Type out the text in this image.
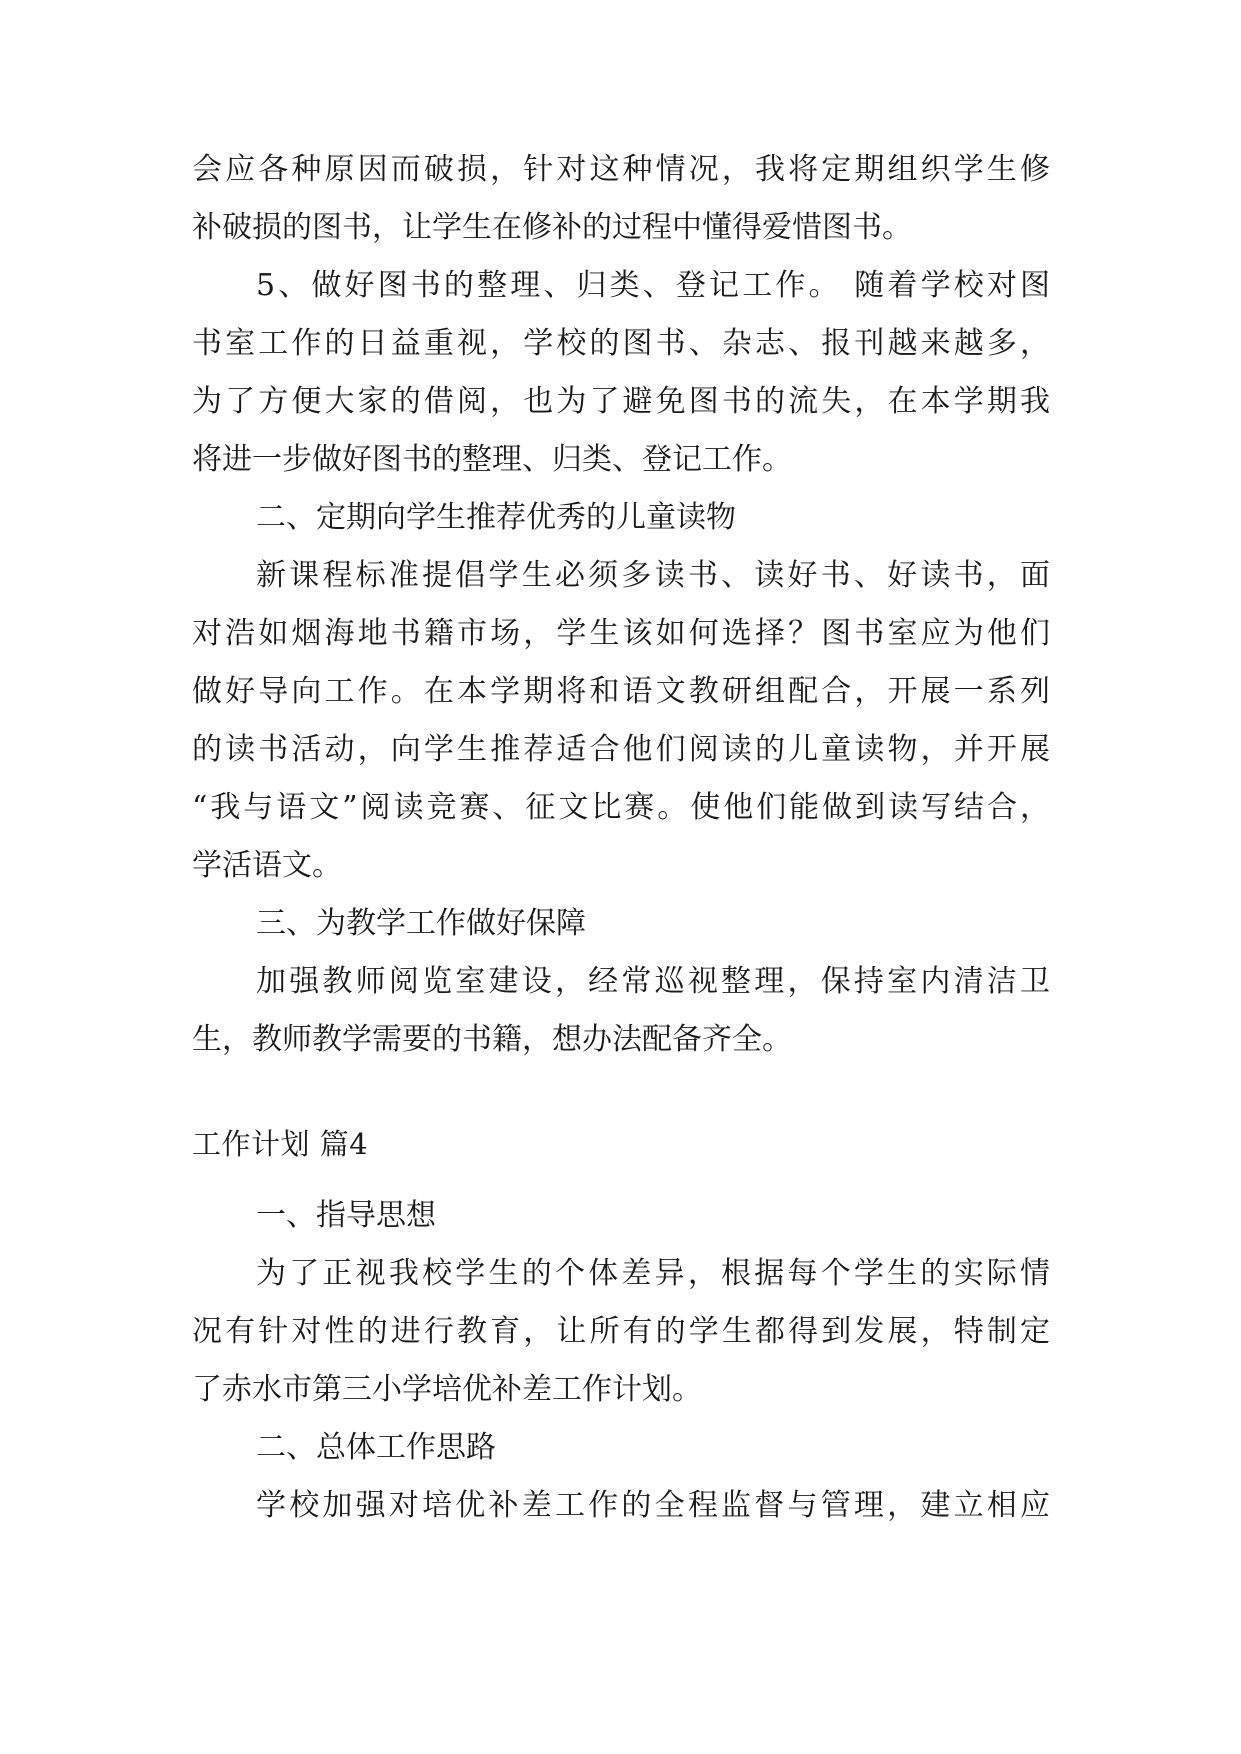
会应各种原因而破损，针对这种情况，我将定期组织学生修
补破损的图书，让学生在修补的过程中懂得爱惜图书。
5、做好图书的整理、归类、登记工作。 随着学校对图
书室工作的日益重视，学校的图书、杂志、报刊越来越多，
为了方便大家的借阅，也为了避免图书的流失，在本学期我
将进一步做好图书的整理、归类、登记工作。
二、定期向学生推荐优秀的儿童读物
新课程标准提倡学生必须多读书、读好书、好读书，面
对浩如烟海地书籍市场，学生该如何选择？图书室应为他们
做好导向工作。在本学期将和语文教研组配合，开展一系列
的读书活动，向学生推荐适合他们阅读的儿童读物，并开展
“我与语文”阅读竞赛、征文比赛。使他们能做到读写结合，
学活语文。
三、为教学工作做好保障
加强教师阅览室建设，经常巡视整理，保持室内清洁卫
生，教师教学需要的书籍，想办法配备齐全。
工作计划 篇4
一、指导思想
为了正视我校学生的个体差异，根据每个学生的实际情
况有针对性的进行教育，让所有的学生都得到发展，特制定
了赤水市第三小学培优补差工作计划。
二、总体工作思路
学校加强对培优补差工作的全程监督与管理，建立相应
